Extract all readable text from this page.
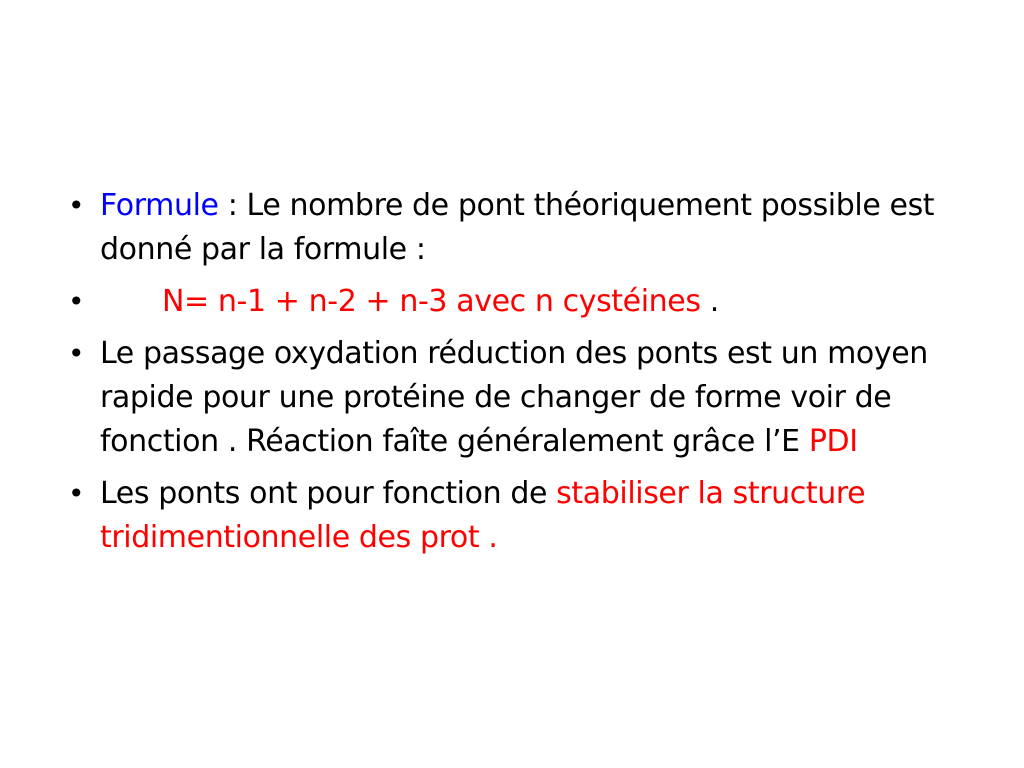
• Formule : Le nombre de pont théoriquement possible est donné par la formule :
•	N= n-1 + n-2 + n-3 avec n cystéines .
• Le passage oxydation réduction des ponts est un moyen rapide pour une protéine de changer de forme voir de fonction . Réaction faîte généralement grâce l’E PDI
• Les ponts ont pour fonction de stabiliser la structure tridimentionnelle des prot .
